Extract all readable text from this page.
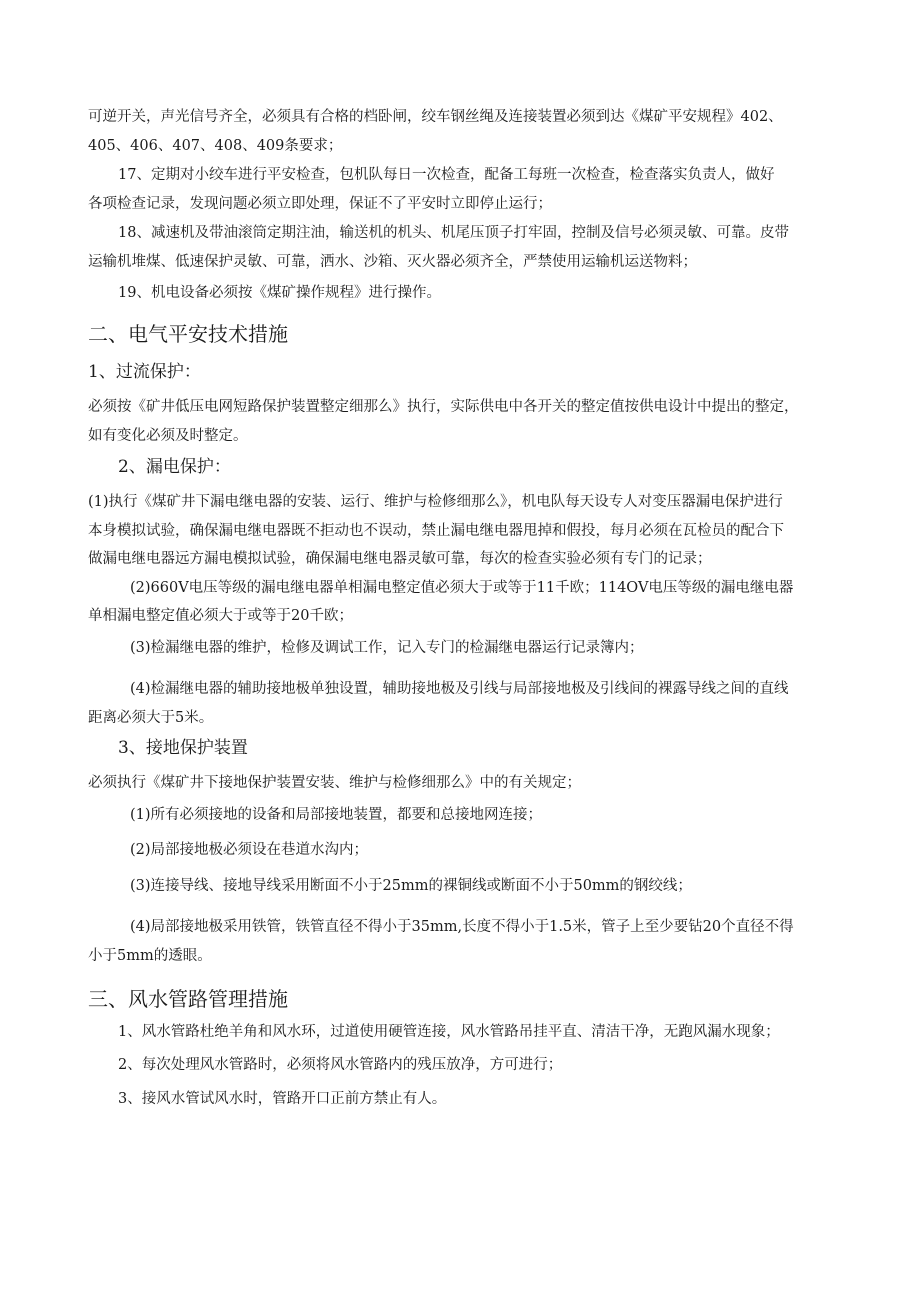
可逆开关，声光信号齐全，必须具有合格的档卧闸，绞车钢丝绳及连接装置必须到达《煤矿平安规程》402、

405、406、407、408、409条要求；

17、定期对小绞车进行平安检查，包机队每日一次检查，配备工每班一次检查，检查落实负责人，做好

各项检查记录，发现问题必须立即处理，保证不了平安时立即停止运行；

18、减速机及带油滚筒定期注油，输送机的机头、机尾压顶子打牢固，控制及信号必须灵敏、可靠。皮带

运输机堆煤、低速保护灵敏、可靠，洒水、沙箱、灭火器必须齐全，严禁使用运输机运送物料；

19、机电设备必须按《煤矿操作规程》进行操作。

二、电气平安技术措施
1、过流保护：

必须按《矿井低压电网短路保护装置整定细那么》执行，实际供电中各开关的整定值按供电设计中提出的整定，

如有变化必须及时整定。

2、漏电保护：

(1)执行《煤矿井下漏电继电器的安装、运行、维护与检修细那么》，机电队每天设专人对变压器漏电保护进行

本身模拟试验，确保漏电继电器既不拒动也不误动，禁止漏电继电器甩掉和假投，每月必须在瓦检员的配合下

做漏电继电器远方漏电模拟试验，确保漏电继电器灵敏可靠，每次的检查实验必须有专门的记录；

(2)660V电压等级的漏电继电器单相漏电整定值必须大于或等于11千欧；114OV电压等级的漏电继电器

单相漏电整定值必须大于或等于20千欧；

(3)检漏继电器的维护，检修及调试工作，记入专门的检漏继电器运行记录簿内；

(4)检漏继电器的辅助接地极单独设置，辅助接地极及引线与局部接地极及引线间的裸露导线之间的直线

距离必须大于5米。

3、接地保护装置

必须执行《煤矿井下接地保护装置安装、维护与检修细那么》中的有关规定；

(1)所有必须接地的设备和局部接地装置，都要和总接地网连接；

(2)局部接地极必须设在巷道水沟内；

(3)连接导线、接地导线采用断面不小于25mm的裸铜线或断面不小于50mm的钢绞线；

(4)局部接地极采用铁管，铁管直径不得小于35mm,长度不得小于1.5米，管子上至少要钻20个直径不得

小于5mm的透眼。

三、风水管路管理措施

1、风水管路杜绝羊角和风水环，过道使用硬管连接，风水管路吊挂平直、清洁干净，无跑风漏水现象；

2、每次处理风水管路时，必须将风水管路内的残压放净，方可进行；

3、接风水管试风水时，管路开口正前方禁止有人。
